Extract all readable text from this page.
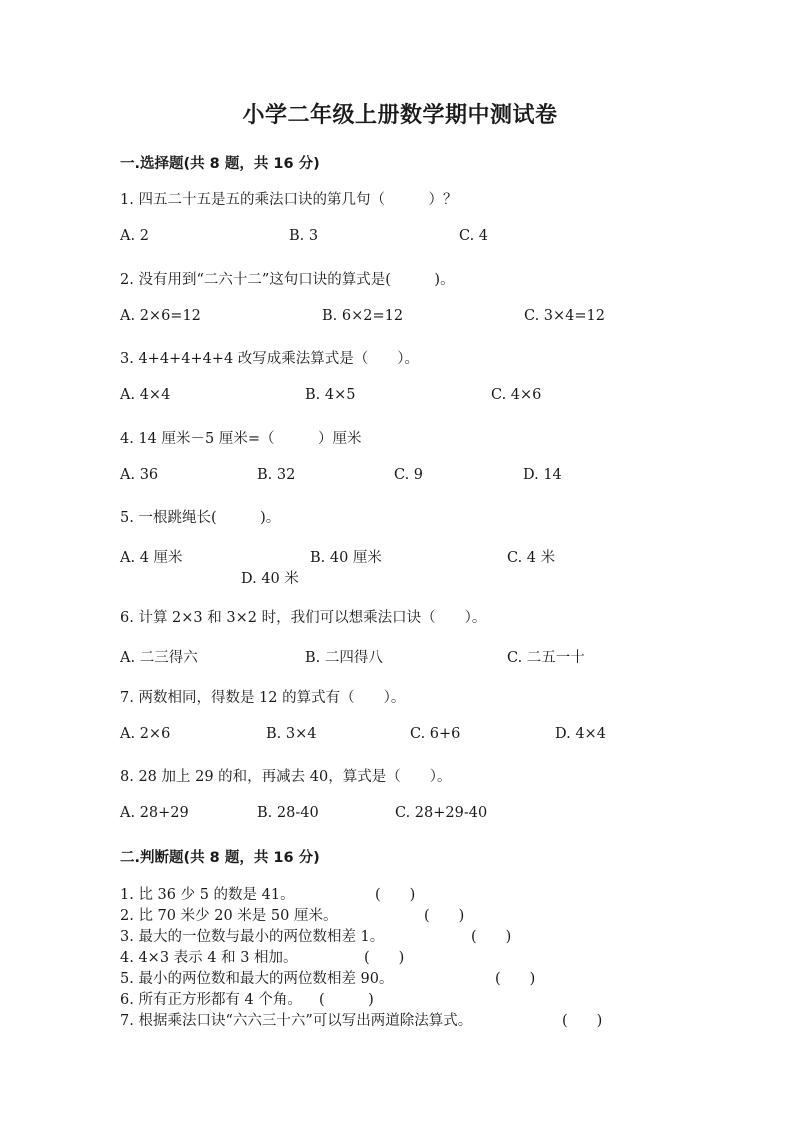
小学二年级上册数学期中测试卷
一.选择题(共 8 题，共 16 分)
1. 四五二十五是五的乘法口诀的第几句（　　　）？
A. 2	B. 3	C. 4
2. 没有用到“二六十二”这句口诀的算式是(　　　)。
A. 2×6=12	B. 6×2=12	C. 3×4=12
3. 4+4+4+4+4 改写成乘法算式是（　　）。
A. 4×4	B. 4×5	C. 4×6
4. 14 厘米－5 厘米=（　　　）厘米
A. 36	B. 32	C. 9	D. 14
5. 一根跳绳长(　　　)。
A. 4 厘米	B. 40 厘米	C. 4 米
D. 40 米
6. 计算 2×3 和 3×2 时，我们可以想乘法口诀（　　）。
A. 二三得六	B. 二四得八	C. 二五一十
7. 两数相同，得数是 12 的算式有（　　）。
A. 2×6	B. 3×4	C. 6+6	D. 4×4
8. 28 加上 29 的和，再减去 40，算式是（　　）。
A. 28+29	B. 28-40	C. 28+29-40
二.判断题(共 8 题，共 16 分)
1. 比 36 少 5 的数是 41。	(　　)
2. 比 70 米少 20 米是 50 厘米。	(　　)
3. 最大的一位数与最小的两位数相差 1。	(　　)
4. 4×3 表示 4 和 3 相加。	(　　)
5. 最小的两位数和最大的两位数相差 90。	(　　)
6. 所有正方形都有 4 个角。 (　　　)
7. 根据乘法口诀“六六三十六”可以写出两道除法算式。	(　　)
